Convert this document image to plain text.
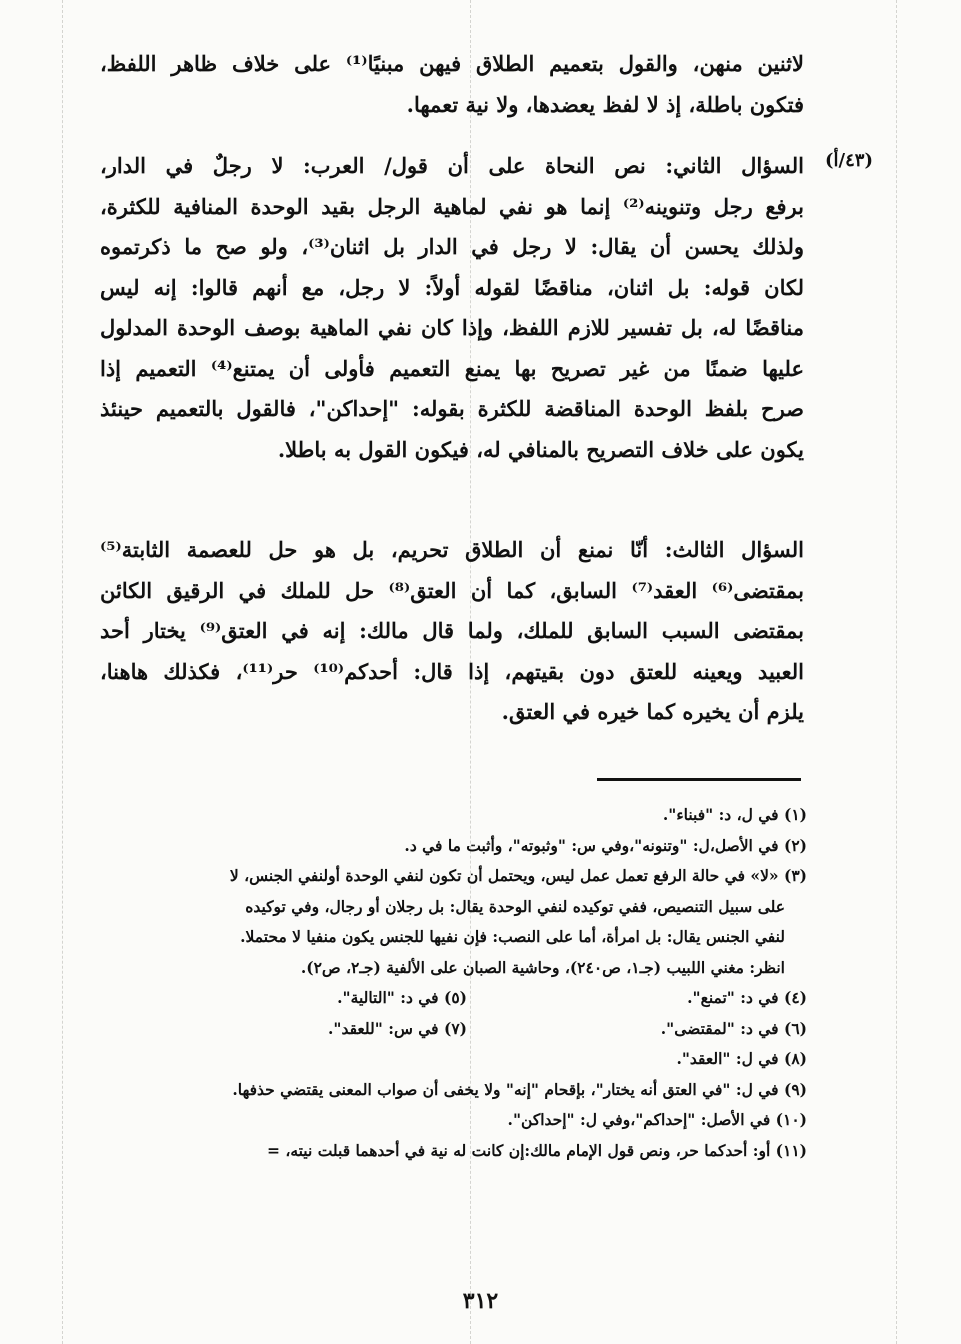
لاثنين منهن، والقول بتعميم الطلاق فيهن مبنيًا⁽¹⁾ على خلاف ظاهر اللفظ،
فتكون باطلة، إذ لا لفظ يعضدها، ولا نية تعمها.
(٤٣/أ)
السؤال الثاني: نص النحاة على أن قول/ العرب: لا رجلٌ في الدار،
برفع رجل وتنوينه⁽²⁾ إنما هو نفي لماهية الرجل بقيد الوحدة المنافية للكثرة،
ولذلك يحسن أن يقال: لا رجل في الدار بل اثنان⁽³⁾، ولو صح ما ذكرتموه
لكان قوله: بل اثنان، مناقضًا لقوله أولاً: لا رجل، مع أنهم قالوا: إنه ليس
مناقضًا له، بل تفسير للازم اللفظ، وإذا كان نفي الماهية بوصف الوحدة المدلول
عليها ضمنًا من غير تصريح بها يمنع التعميم فأولى أن يمتنع⁽⁴⁾ التعميم إذا
صرح بلفظ الوحدة المناقضة للكثرة بقوله: "إحداكن"، فالقول بالتعميم حينئذ
يكون على خلاف التصريح بالمنافي له، فيكون القول به باطلا.
السؤال الثالث: أنّا نمنع أن الطلاق تحريم، بل هو حل للعصمة الثابتة⁽⁵⁾
بمقتضى⁽⁶⁾ العقد⁽⁷⁾ السابق، كما أن العتق⁽⁸⁾ حل للملك في الرقيق الكائن
بمقتضى السبب السابق للملك، ولما قال مالك: إنه في العتق⁽⁹⁾ يختار أحد
العبيد ويعينه للعتق دون بقيتهم، إذا قال: أحدكم⁽¹⁰⁾ حر⁽¹¹⁾، فكذلك هاهنا،
يلزم أن يخيره كما خيره في العتق.
(١) في ل، د: "فبناء".
(٢) في الأصل،ل: "وتنونه"،وفي س: "وثبوته"، وأثبت ما في د.
(٣) «لا» في حالة الرفع تعمل عمل ليس، ويحتمل أن تكون لنفي الوحدة أولنفي الجنس، لا
على سبيل التنصيص، ففي توكيده لنفي الوحدة يقال: بل رجلان أو رجال، وفي توكيده
لنفي الجنس يقال: بل امرأة، أما على النصب: فإن نفيها للجنس يكون منفيا لا محتملا.
انظر: مغني اللبيب (جـ١، ص٢٤٠)، وحاشية الصبان على الألفية (جـ٢، ص٢).
(٤) في د: "تمنع".
(٥) في د: "التالية".
(٦) في د: "لمقتضى".
(٧) في س: "للعقد".
(٨) في ل: "العقد".
(٩) في ل: "في العتق أنه يختار"، بإقحام "إنه" ولا يخفى أن صواب المعنى يقتضي حذفها.
(١٠) في الأصل: "إحداكم"،وفي ل: "إحداكن".
(١١) أو: أحدكما حر، ونص قول الإمام مالك:إن كانت له نية في أحدهما قبلت نيته، =
٣١٢
